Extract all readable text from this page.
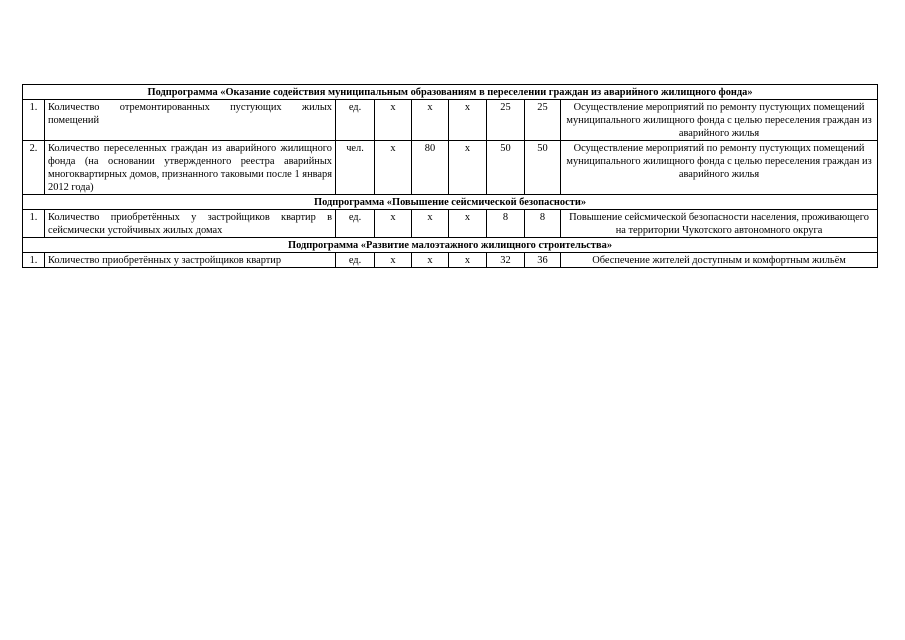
Подпрограмма «Оказание содействия муниципальным образованиям в переселении граждан из аварийного жилищного фонда»								
1.	Количество отремонтированных пустующих жилых помещений	ед.	х	х	х	25	25	Осуществление мероприятий по ремонту пустующих помещений муниципального жилищного фонда с целью переселения граждан из аварийного жилья
2.	Количество переселенных граждан из аварийного жилищного фонда (на основании утвержденного реестра аварийных многоквартирных домов, признанного таковыми после 1 января 2012 года)	чел.	х	80	х	50	50	Осуществление мероприятий по ремонту пустующих помещений муниципального жилищного фонда с целью переселения граждан из аварийного жилья
Подпрограмма «Повышение сейсмической безопасности»								
1.	Количество приобретённых у застройщиков квартир в сейсмически устойчивых жилых домах	ед.	х	х	х	8	8	Повышение сейсмической безопасности населения, проживающего на территории Чукотского автономного округа
Подпрограмма «Развитие малоэтажного жилищного строительства»								
1.	Количество приобретённых у застройщиков квартир	ед.	х	х	х	32	36	Обеспечение жителей доступным и комфортным жильём
